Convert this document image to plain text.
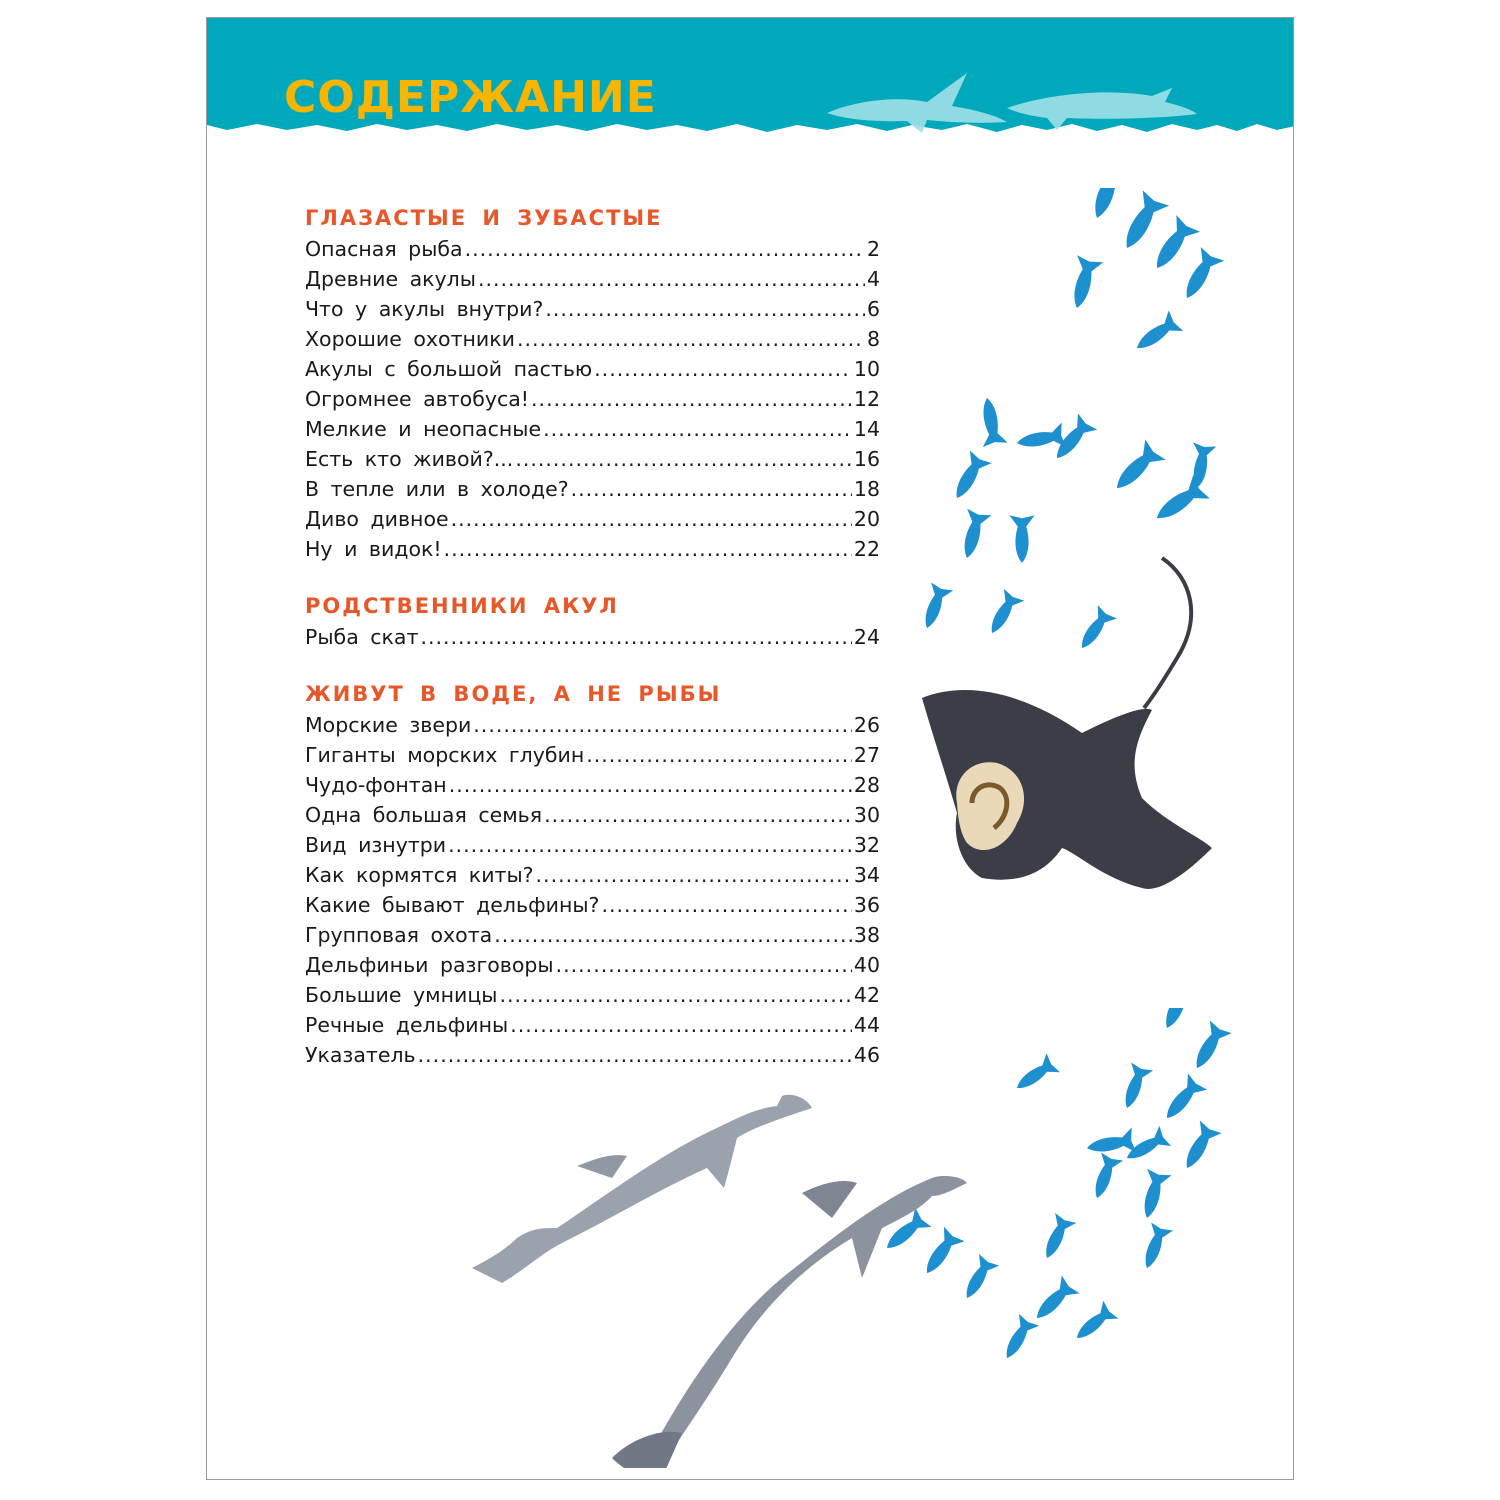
СОДЕРЖАНИЕ
ГЛАЗАСТЫЕ И ЗУБАСТЫЕ
Опасная рыба .....	2
Древние акулы .....	4
Что у акулы внутри? .....	6
Хорошие охотники .....	8
Акулы с большой пастью .....	10
Огромнее автобуса! .....	12
Мелкие и неопасные .....	14
Есть кто живой?... .....	16
В тепле или в холоде? .....	18
Диво дивное .....	20
Ну и видок! .....	22
РОДСТВЕННИКИ АКУЛ
Рыба скат .....	24
ЖИВУТ В ВОДЕ, А НЕ РЫБЫ
Морские звери .....	26
Гиганты морских глубин .....	27
Чудо-фонтан .....	28
Одна большая семья .....	30
Вид изнутри .....	32
Как кормятся киты? .....	34
Какие бывают дельфины? .....	36
Групповая охота .....	38
Дельфиньи разговоры .....	40
Большие умницы .....	42
Речные дельфины .....	44
Указатель .....	46
